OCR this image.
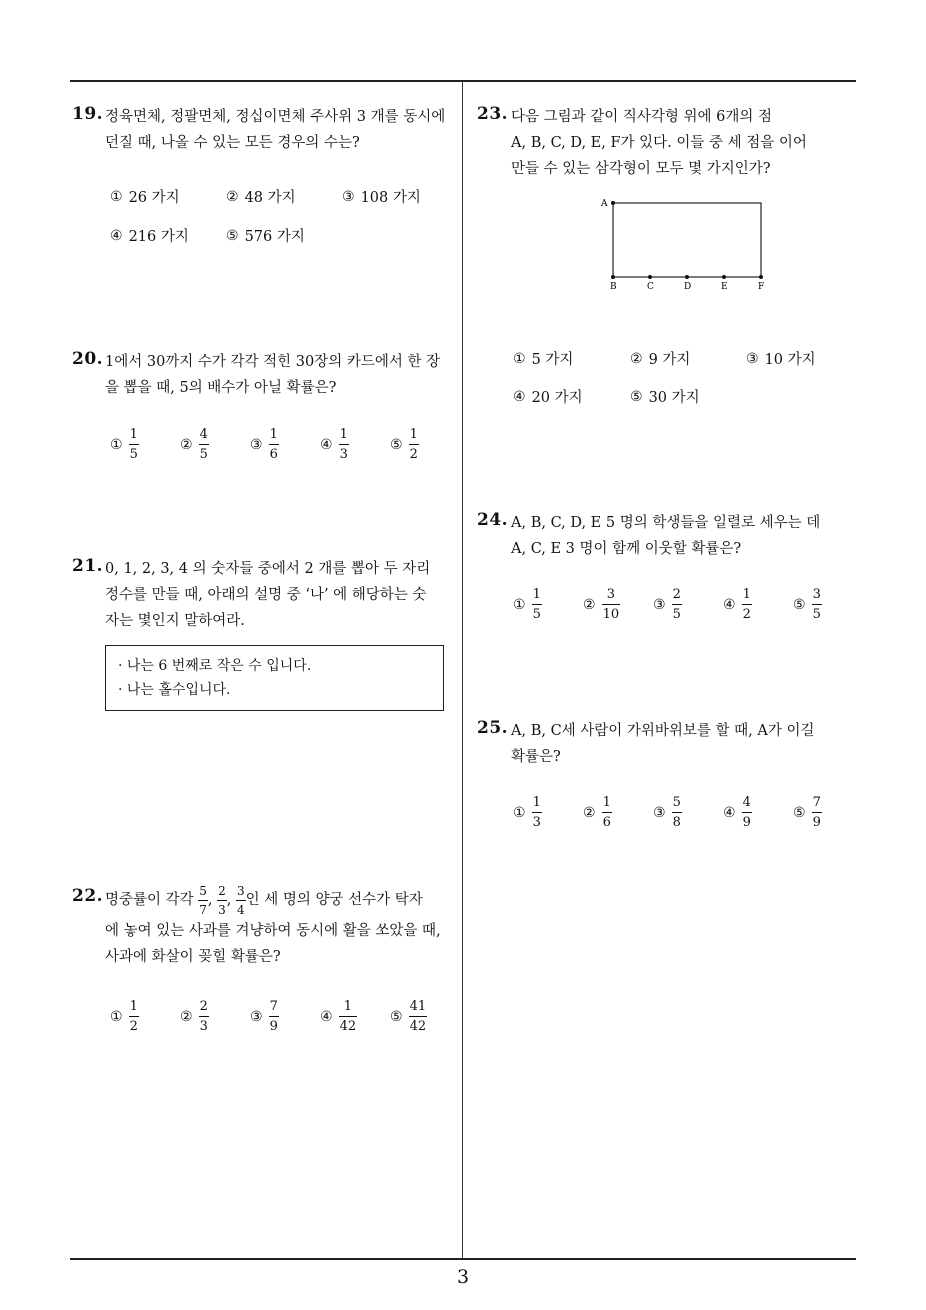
3
19. 정육면체, 정팔면체, 정십이면체 주사위 3 개를 동시에
던질 때, 나올 수 있는 모든 경우의 수는?
① 26 가지	② 48 가지	③ 108 가지
④ 216 가지	⑤ 576 가지
20. 1에서 30까지 수가 각각 적힌 30장의 카드에서 한 장
을 뽑을 때, 5의 배수가 아닐 확률은?
① $\frac{1}{5}$	② $\frac{4}{5}$	③ $\frac{1}{6}$	④ $\frac{1}{3}$	⑤ $\frac{1}{2}$
21. 0, 1, 2, 3, 4 의 숫자들 중에서 2 개를 뽑아 두 자리
정수를 만들 때, 아래의 설명 중 ‘나’ 에 해당하는 숫
자는 몇인지 말하여라.
· 나는 6 번째로 작은 수 입니다.
· 나는 홀수입니다.
22. 명중률이 각각
$\frac{5}{7}$ ,
$\frac{2}{3}$ ,
$\frac{3}{4}$ 인 세 명의 양궁 선수가 탁자
에 놓여 있는 사과를 겨냥하여 동시에 활을 쏘았을 때,
사과에 화살이 꽂힐 확률은?
① $\frac{1}{2}$	② $\frac{2}{3}$	③ $\frac{7}{9}$	④ $\frac{1}{42}$ ⑤ $\frac{41}{42}$
23. 다음 그림과 같이 직사각형 위에 6개의 점
A, B, C, D, E, F가 있다. 이들 중 세 점을 이어
만들 수 있는 삼각형이 모두 몇 가지인가?
A
B	C	D	E	F
① 5 가지	② 9 가지	③ 10 가지
④ 20 가지	⑤ 30 가지
24. A, B, C, D, E 5 명의 학생들을 일렬로 세우는 데
A, C, E 3 명이 함께 이웃할 확률은?
① $\frac{1}{5}$	② $\frac{3}{10}$ ③ $\frac{2}{5}$	④ $\frac{1}{2}$	⑤ $\frac{3}{5}$
25. A, B, C세 사람이 가위바위보를 할 때, A가 이길
확률은?
① $\frac{1}{3}$	② $\frac{1}{6}$	③ $\frac{5}{8}$	④ $\frac{4}{9}$	⑤ $\frac{7}{9}$
